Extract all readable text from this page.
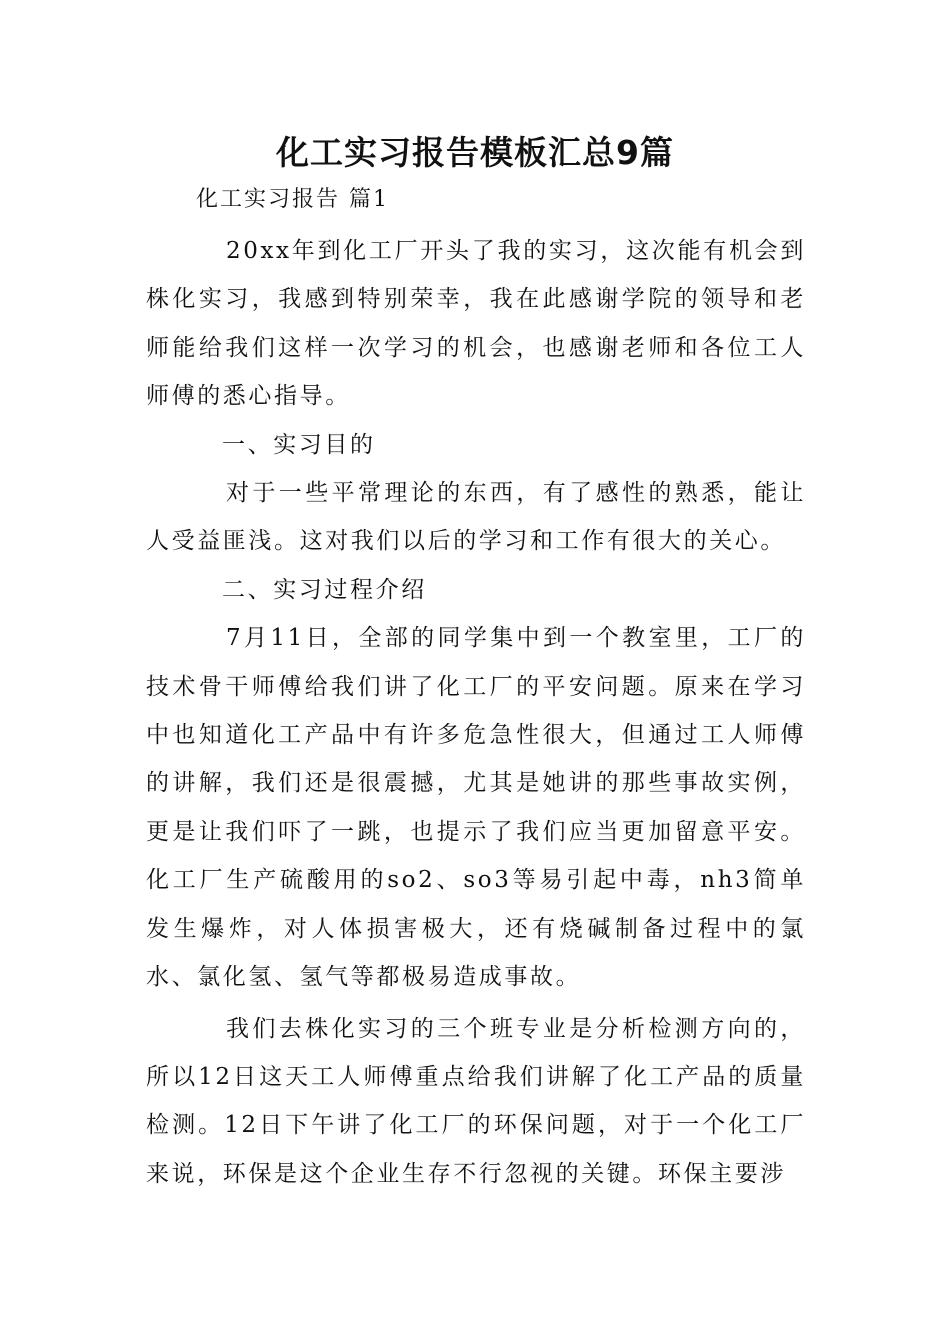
化工实习报告模板汇总9篇

化工实习报告 篇1

20xx年到化工厂开头了我的实习，这次能有机会到株化实习，我感到特别荣幸，我在此感谢学院的领导和老师能给我们这样一次学习的机会，也感谢老师和各位工人师傅的悉心指导。

一、实习目的

对于一些平常理论的东西，有了感性的熟悉，能让人受益匪浅。这对我们以后的学习和工作有很大的关心。

二、实习过程介绍

7月11日，全部的同学集中到一个教室里，工厂的技术骨干师傅给我们讲了化工厂的平安问题。原来在学习中也知道化工产品中有许多危急性很大，但通过工人师傅的讲解，我们还是很震撼，尤其是她讲的那些事故实例，更是让我们吓了一跳，也提示了我们应当更加留意平安。化工厂生产硫酸用的so2、so3等易引起中毒，nh3简单发生爆炸，对人体损害极大，还有烧碱制备过程中的氯水、氯化氢、氢气等都极易造成事故。

我们去株化实习的三个班专业是分析检测方向的，所以12日这天工人师傅重点给我们讲解了化工产品的质量检测。12日下午讲了化工厂的环保问题，对于一个化工厂来说，环保是这个企业生存不行忽视的关键。环保主要涉
